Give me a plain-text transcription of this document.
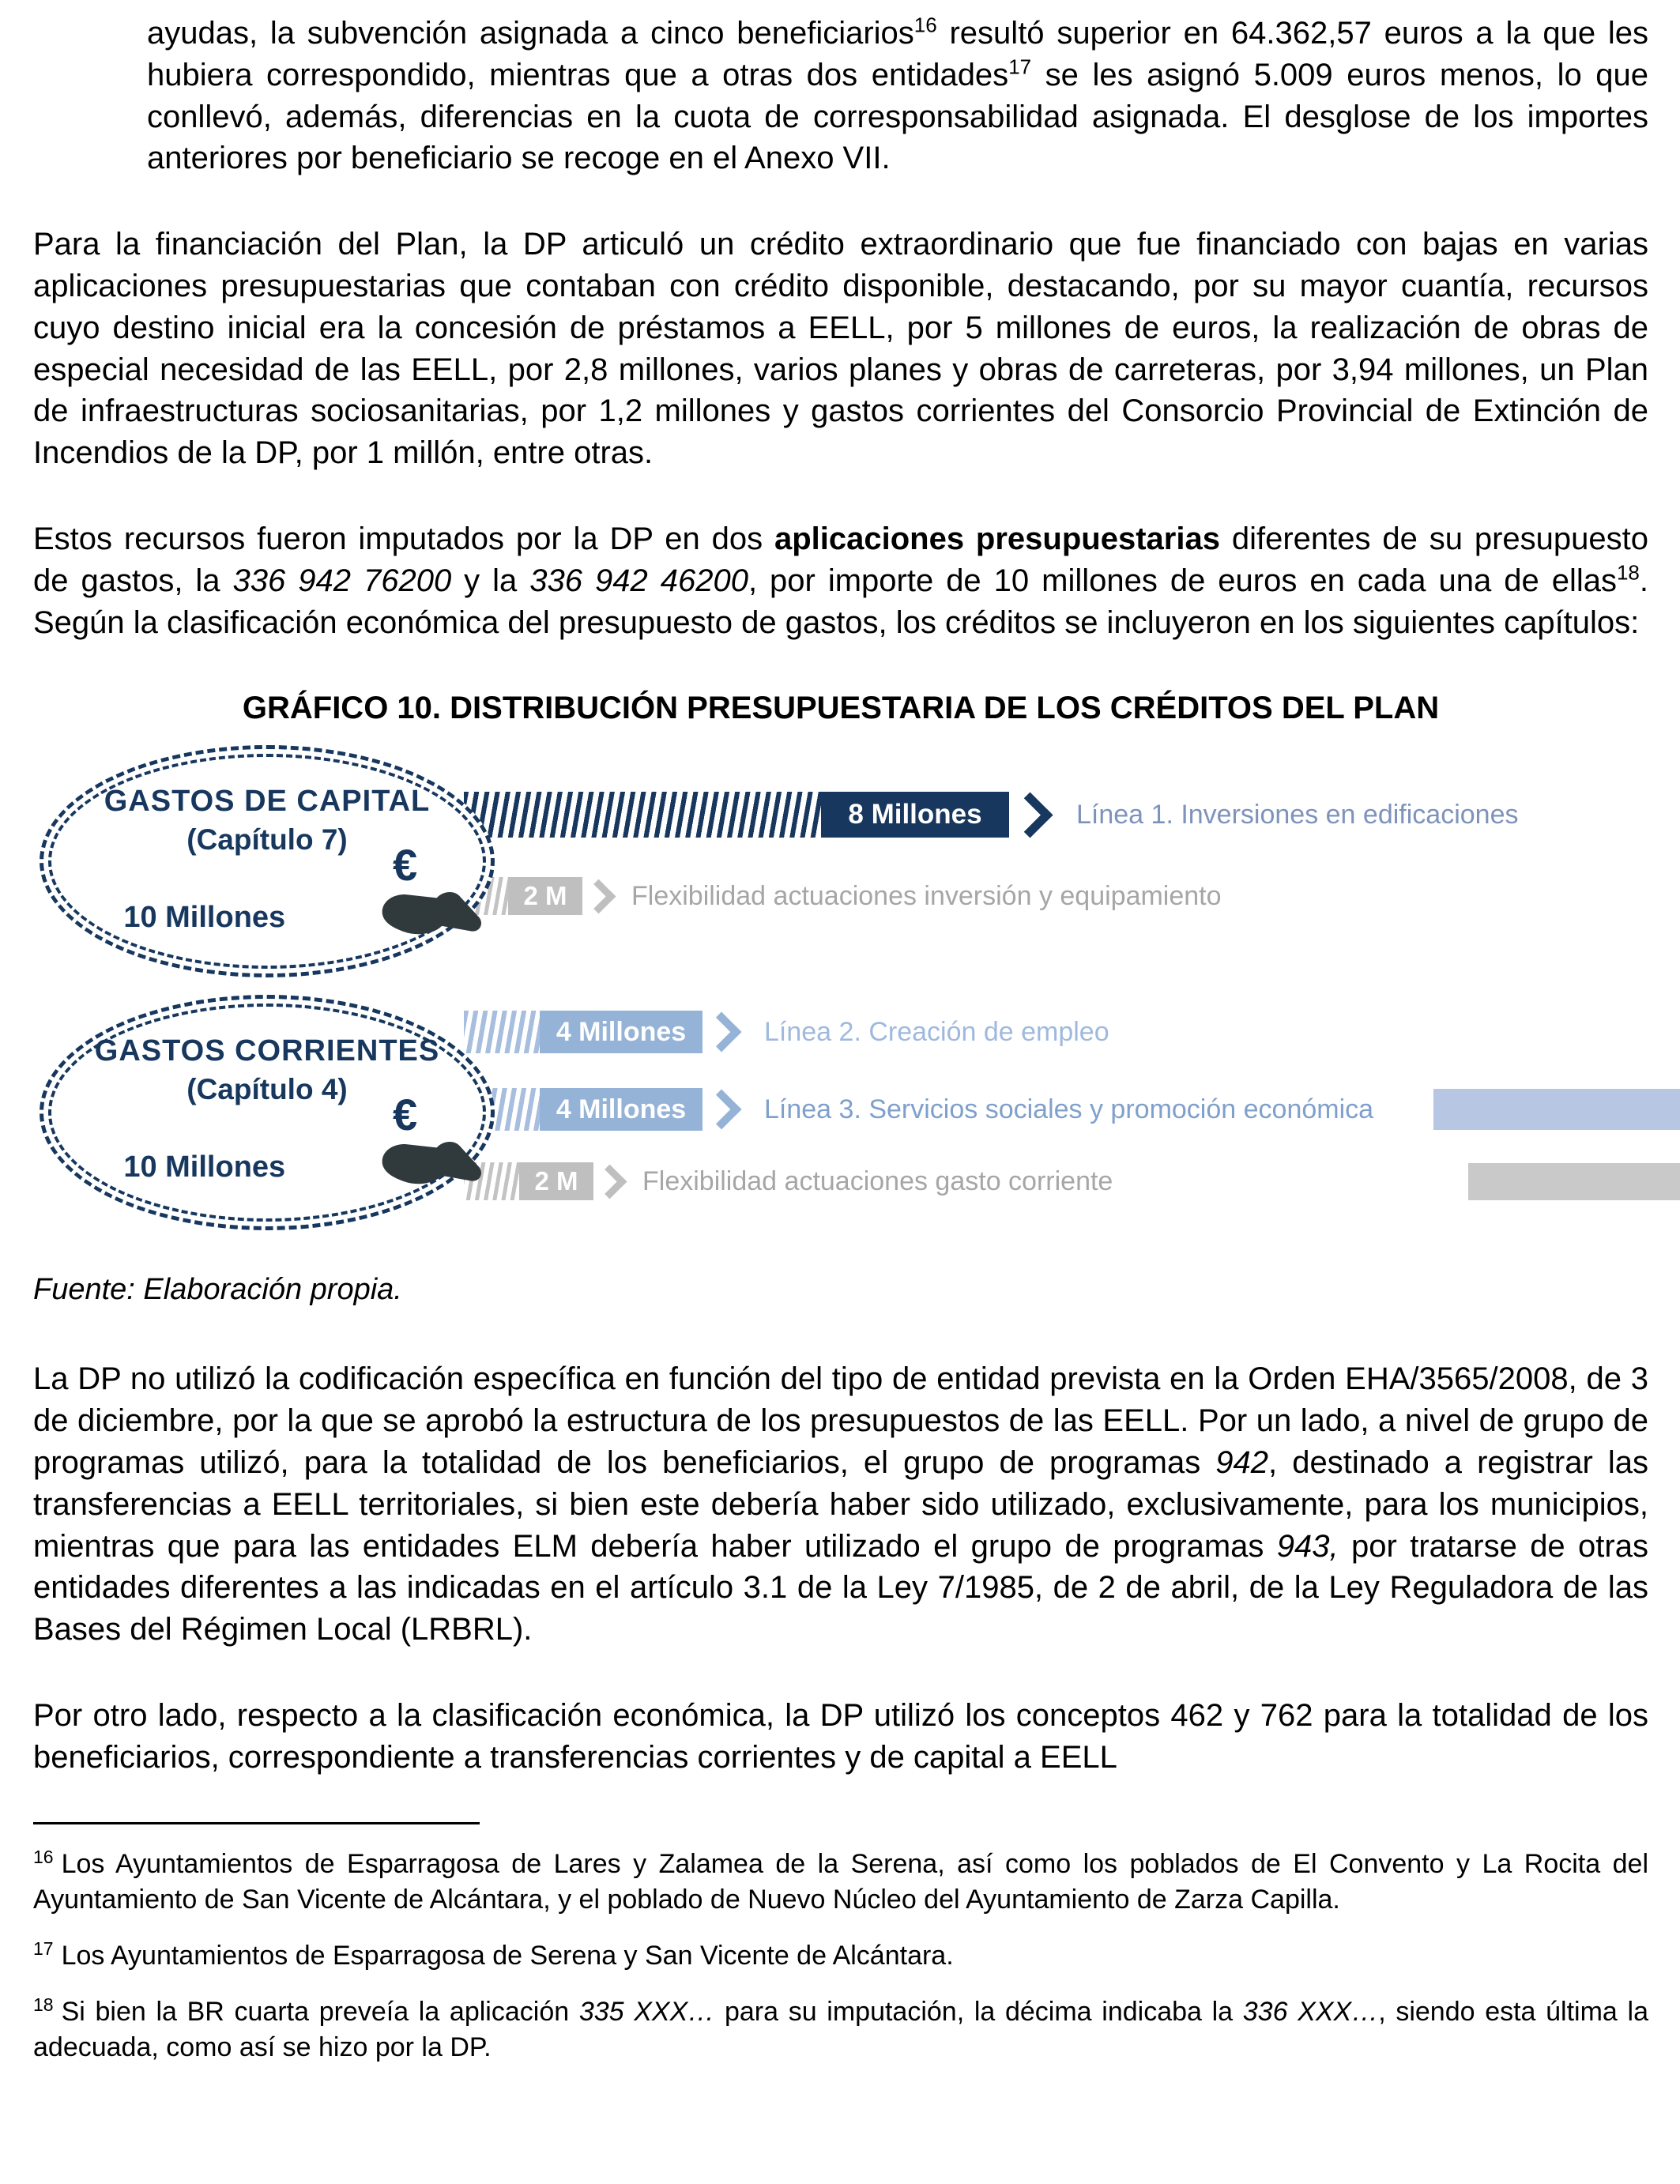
ayudas, la subvención asignada a cinco beneficiarios$^{16}$ resultó superior en 64.362,57 euros a la que les hubiera correspondido, mientras que a otras dos entidades$^{17}$ se les asignó 5.009 euros menos, lo que conllevó, además, diferencias en la cuota de corresponsabilidad asignada. El desglose de los importes anteriores por beneficiario se recoge en el Anexo VII.

Para la financiación del Plan, la DP articuló un crédito extraordinario que fue financiado con bajas en varias aplicaciones presupuestarias que contaban con crédito disponible, destacando, por su mayor cuantía, recursos cuyo destino inicial era la concesión de préstamos a EELL, por 5 millones de euros, la realización de obras de especial necesidad de las EELL, por 2,8 millones, varios planes y obras de carreteras, por 3,94 millones, un Plan de infraestructuras sociosanitarias, por 1,2 millones y gastos corrientes del Consorcio Provincial de Extinción de Incendios de la DP, por 1 millón, entre otras.

Estos recursos fueron imputados por la DP en dos aplicaciones presupuestarias diferentes de su presupuesto de gastos, la 336 942 76200 y la 336 942 46200, por importe de 10 millones de euros en cada una de ellas$^{18}$. Según la clasificación económica del presupuesto de gastos, los créditos se incluyeron en los siguientes capítulos:

GRÁFICO 10. DISTRIBUCIÓN PRESUPUESTARIA DE LOS CRÉDITOS DEL PLAN
8 Millones	Línea 1. Inversiones en edificaciones
2 M Flexibilidad actuaciones inversión y equipamiento
4 Millones	Línea 2. Creación de empleo
4 Millones	Línea 3. Servicios sociales y promoción económica
2 M Flexibilidad actuaciones gasto corriente
GASTOS DE CAPITAL
(Capítulo 7)
€
10 Millones
GASTOS CORRIENTES
(Capítulo 4)
€
10 Millones

Fuente: Elaboración propia.

La DP no utilizó la codificación específica en función del tipo de entidad prevista en la Orden EHA/3565/2008, de 3 de diciembre, por la que se aprobó la estructura de los presupuestos de las EELL. Por un lado, a nivel de grupo de programas utilizó, para la totalidad de los beneficiarios, el grupo de programas 942, destinado a registrar las transferencias a EELL territoriales, si bien este debería haber sido utilizado, exclusivamente, para los municipios, mientras que para las entidades ELM debería haber utilizado el grupo de programas 943, por tratarse de otras entidades diferentes a las indicadas en el artículo 3.1 de la Ley 7/1985, de 2 de abril, de la Ley Reguladora de las Bases del Régimen Local (LRBRL).

Por otro lado, respecto a la clasificación económica, la DP utilizó los conceptos 462 y 762 para la totalidad de los beneficiarios, correspondiente a transferencias corrientes y de capital a EELL

$^{16}$ Los Ayuntamientos de Esparragosa de Lares y Zalamea de la Serena, así como los poblados de El Convento y La Rocita del Ayuntamiento de San Vicente de Alcántara, y el poblado de Nuevo Núcleo del Ayuntamiento de Zarza Capilla.

$^{17}$ Los Ayuntamientos de Esparragosa de Serena y San Vicente de Alcántara.

$^{18}$ Si bien la BR cuarta preveía la aplicación 335 XXX… para su imputación, la décima indicaba la 336 XXX…, siendo esta última la adecuada, como así se hizo por la DP.
